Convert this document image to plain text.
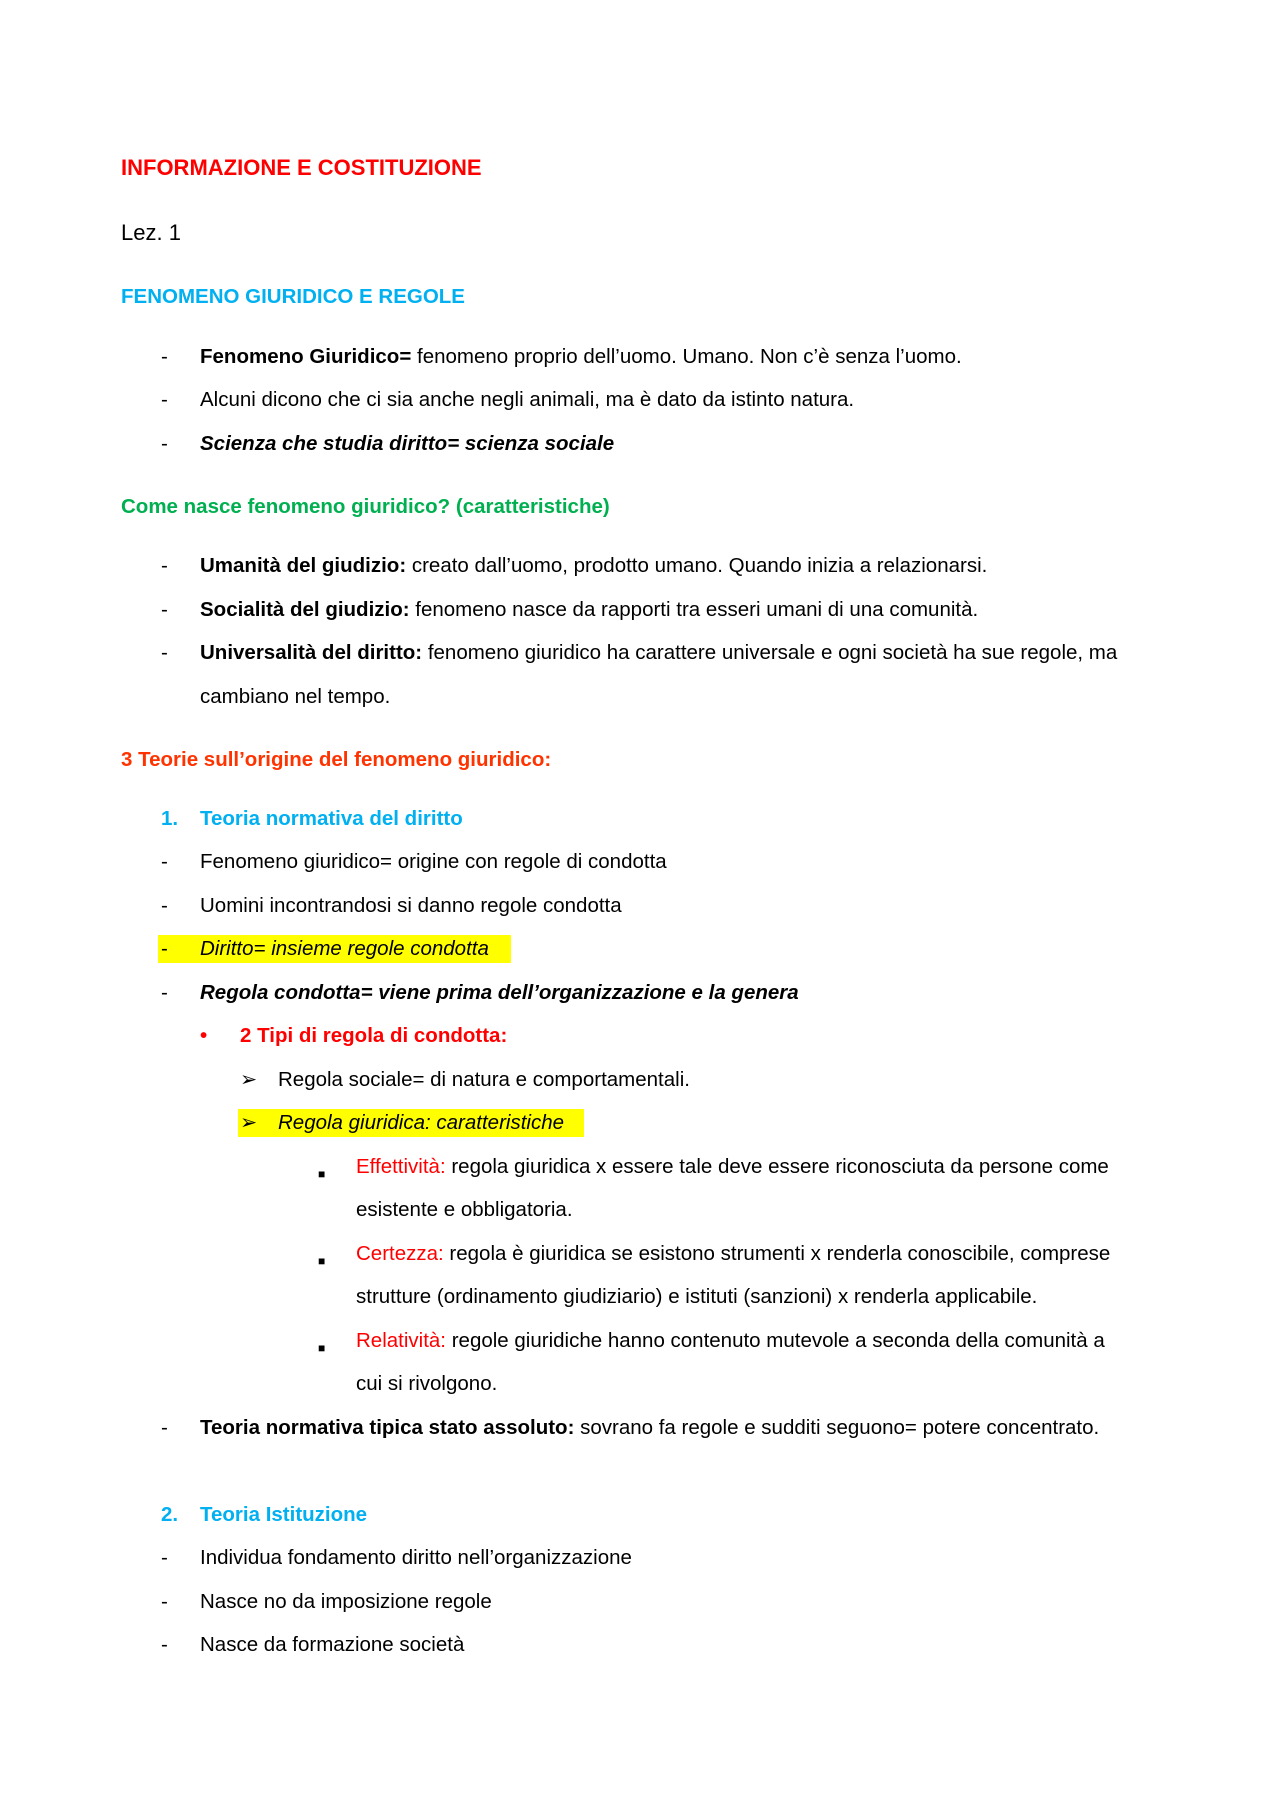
INFORMAZIONE E COSTITUZIONE
Lez. 1
FENOMENO GIURIDICO E REGOLE
- Fenomeno Giuridico= fenomeno proprio dell’uomo. Umano. Non c’è senza l’uomo.
- Alcuni dicono che ci sia anche negli animali, ma è dato da istinto natura.
- Scienza che studia diritto= scienza sociale
Come nasce fenomeno giuridico? (caratteristiche)
- Umanità del giudizio: creato dall’uomo, prodotto umano. Quando inizia a relazionarsi.
- Socialità del giudizio: fenomeno nasce da rapporti tra esseri umani di una comunità.
- Universalità del diritto: fenomeno giuridico ha carattere universale e ogni società ha sue regole, ma
cambiano nel tempo.
3 Teorie sull’origine del fenomeno giuridico:
1. Teoria normativa del diritto
- Fenomeno giuridico= origine con regole di condotta
- Uomini incontrandosi si danno regole condotta
- Diritto= insieme regole condotta
- Regola condotta= viene prima dell’organizzazione e la genera
• 2 Tipi di regola di condotta:
➢ Regola sociale= di natura e comportamentali.
➢ Regola giuridica: caratteristiche
■ Effettività: regola giuridica x essere tale deve essere riconosciuta da persone come
esistente e obbligatoria.
■ Certezza: regola è giuridica se esistono strumenti x renderla conoscibile, comprese
strutture (ordinamento giudiziario) e istituti (sanzioni) x renderla applicabile.
■ Relatività: regole giuridiche hanno contenuto mutevole a seconda della comunità a
cui si rivolgono.
- Teoria normativa tipica stato assoluto: sovrano fa regole e sudditi seguono= potere concentrato.
2. Teoria Istituzione
- Individua fondamento diritto nell’organizzazione
- Nasce no da imposizione regole
- Nasce da formazione società
